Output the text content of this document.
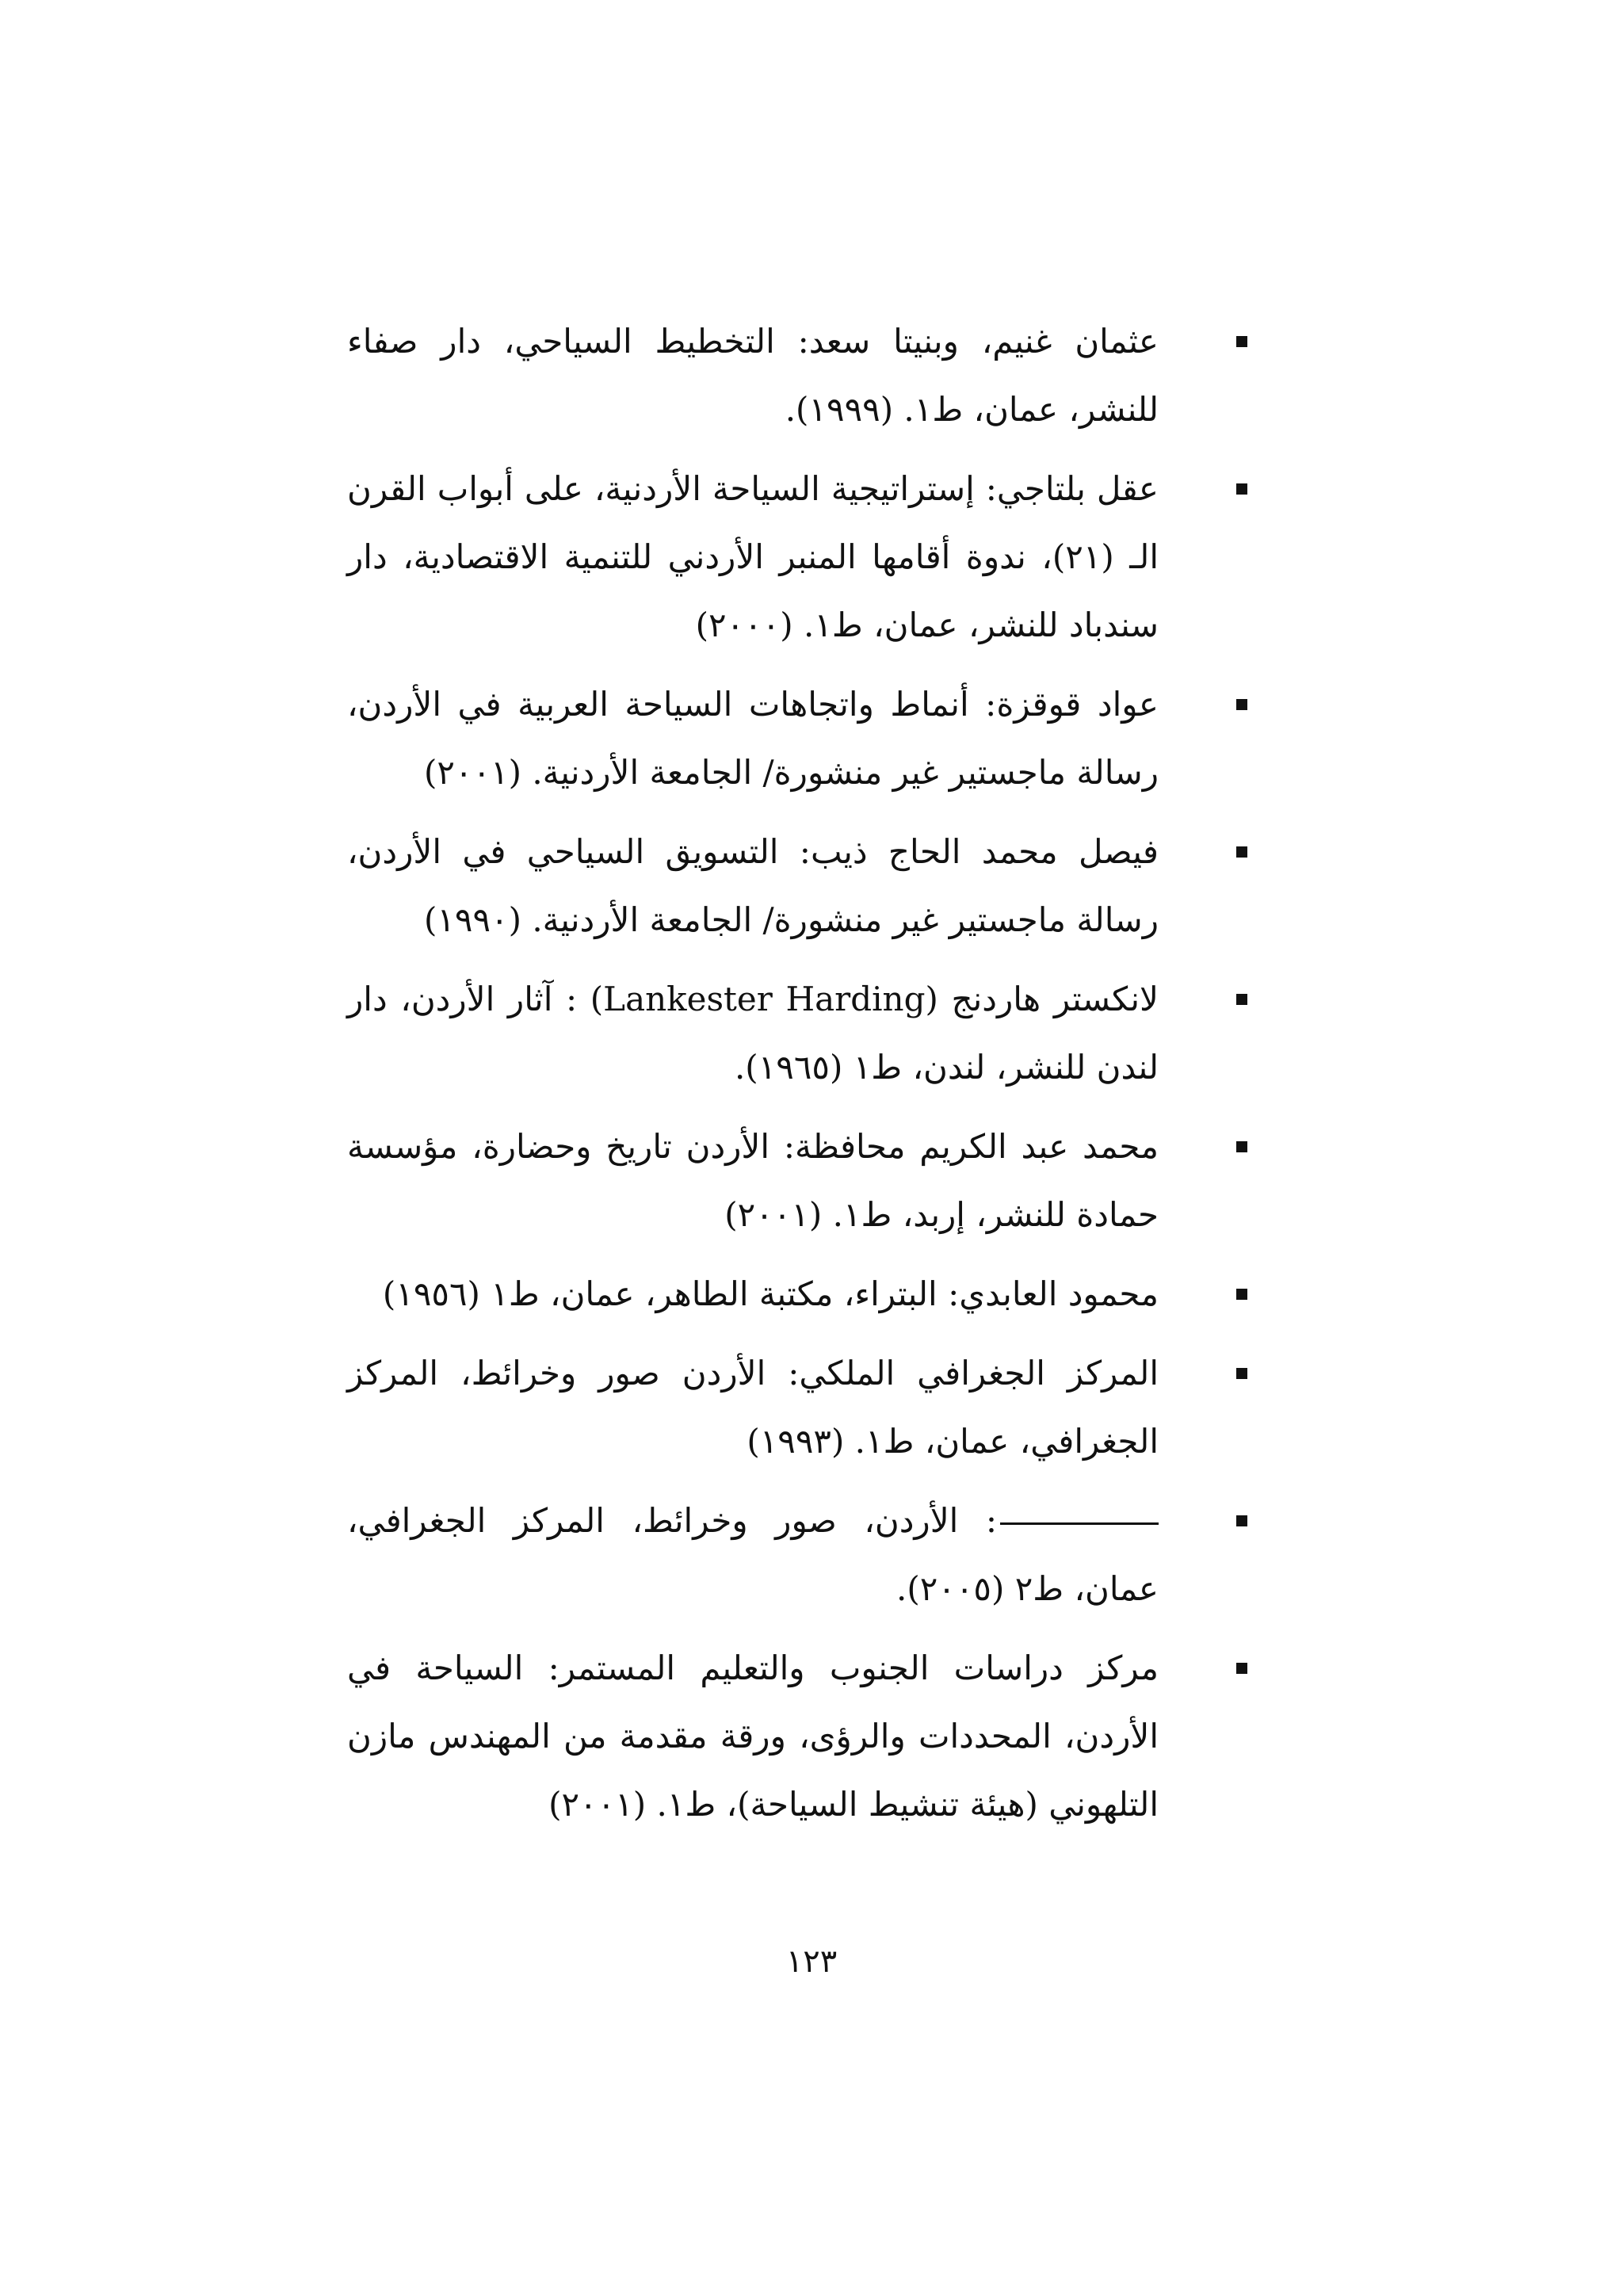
عثمان غنيم، وبنيتا سعد: التخطيط السياحي، دار صفاء للنشر، عمان، ط١. (١٩٩٩).
عقل بلتاجي: إستراتيجية السياحة الأردنية، على أبواب القرن الـ (٢١)، ندوة أقامها المنبر الأردني للتنمية الاقتصادية، دار سندباد للنشر، عمان، ط١. (٢٠٠٠)
عواد قوقزة: أنماط واتجاهات السياحة العربية في الأردن، رسالة ماجستير غير منشورة/ الجامعة الأردنية. (٢٠٠١)
فيصل محمد الحاج ذيب: التسويق السياحي في الأردن، رسالة ماجستير غير منشورة/ الجامعة الأردنية. (١٩٩٠)
لانكستر هاردنج (Lankester Harding) : آثار الأردن، دار لندن للنشر، لندن، ط١ (١٩٦٥).
محمد عبد الكريم محافظة: الأردن تاريخ وحضارة، مؤسسة حمادة للنشر، إربد، ط١. (٢٠٠١)
محمود العابدي: البتراء، مكتبة الطاهر، عمان، ط١ (١٩٥٦)
المركز الجغرافي الملكي: الأردن صور وخرائط، المركز الجغرافي، عمان، ط١. (١٩٩٣)
: الأردن، صور وخرائط، المركز الجغرافي، عمان، ط٢ (٢٠٠٥).
مركز دراسات الجنوب والتعليم المستمر: السياحة في الأردن، المحددات والرؤى، ورقة مقدمة من المهندس مازن التلهوني (هيئة تنشيط السياحة)، ط١. (٢٠٠١)
١٢٣
